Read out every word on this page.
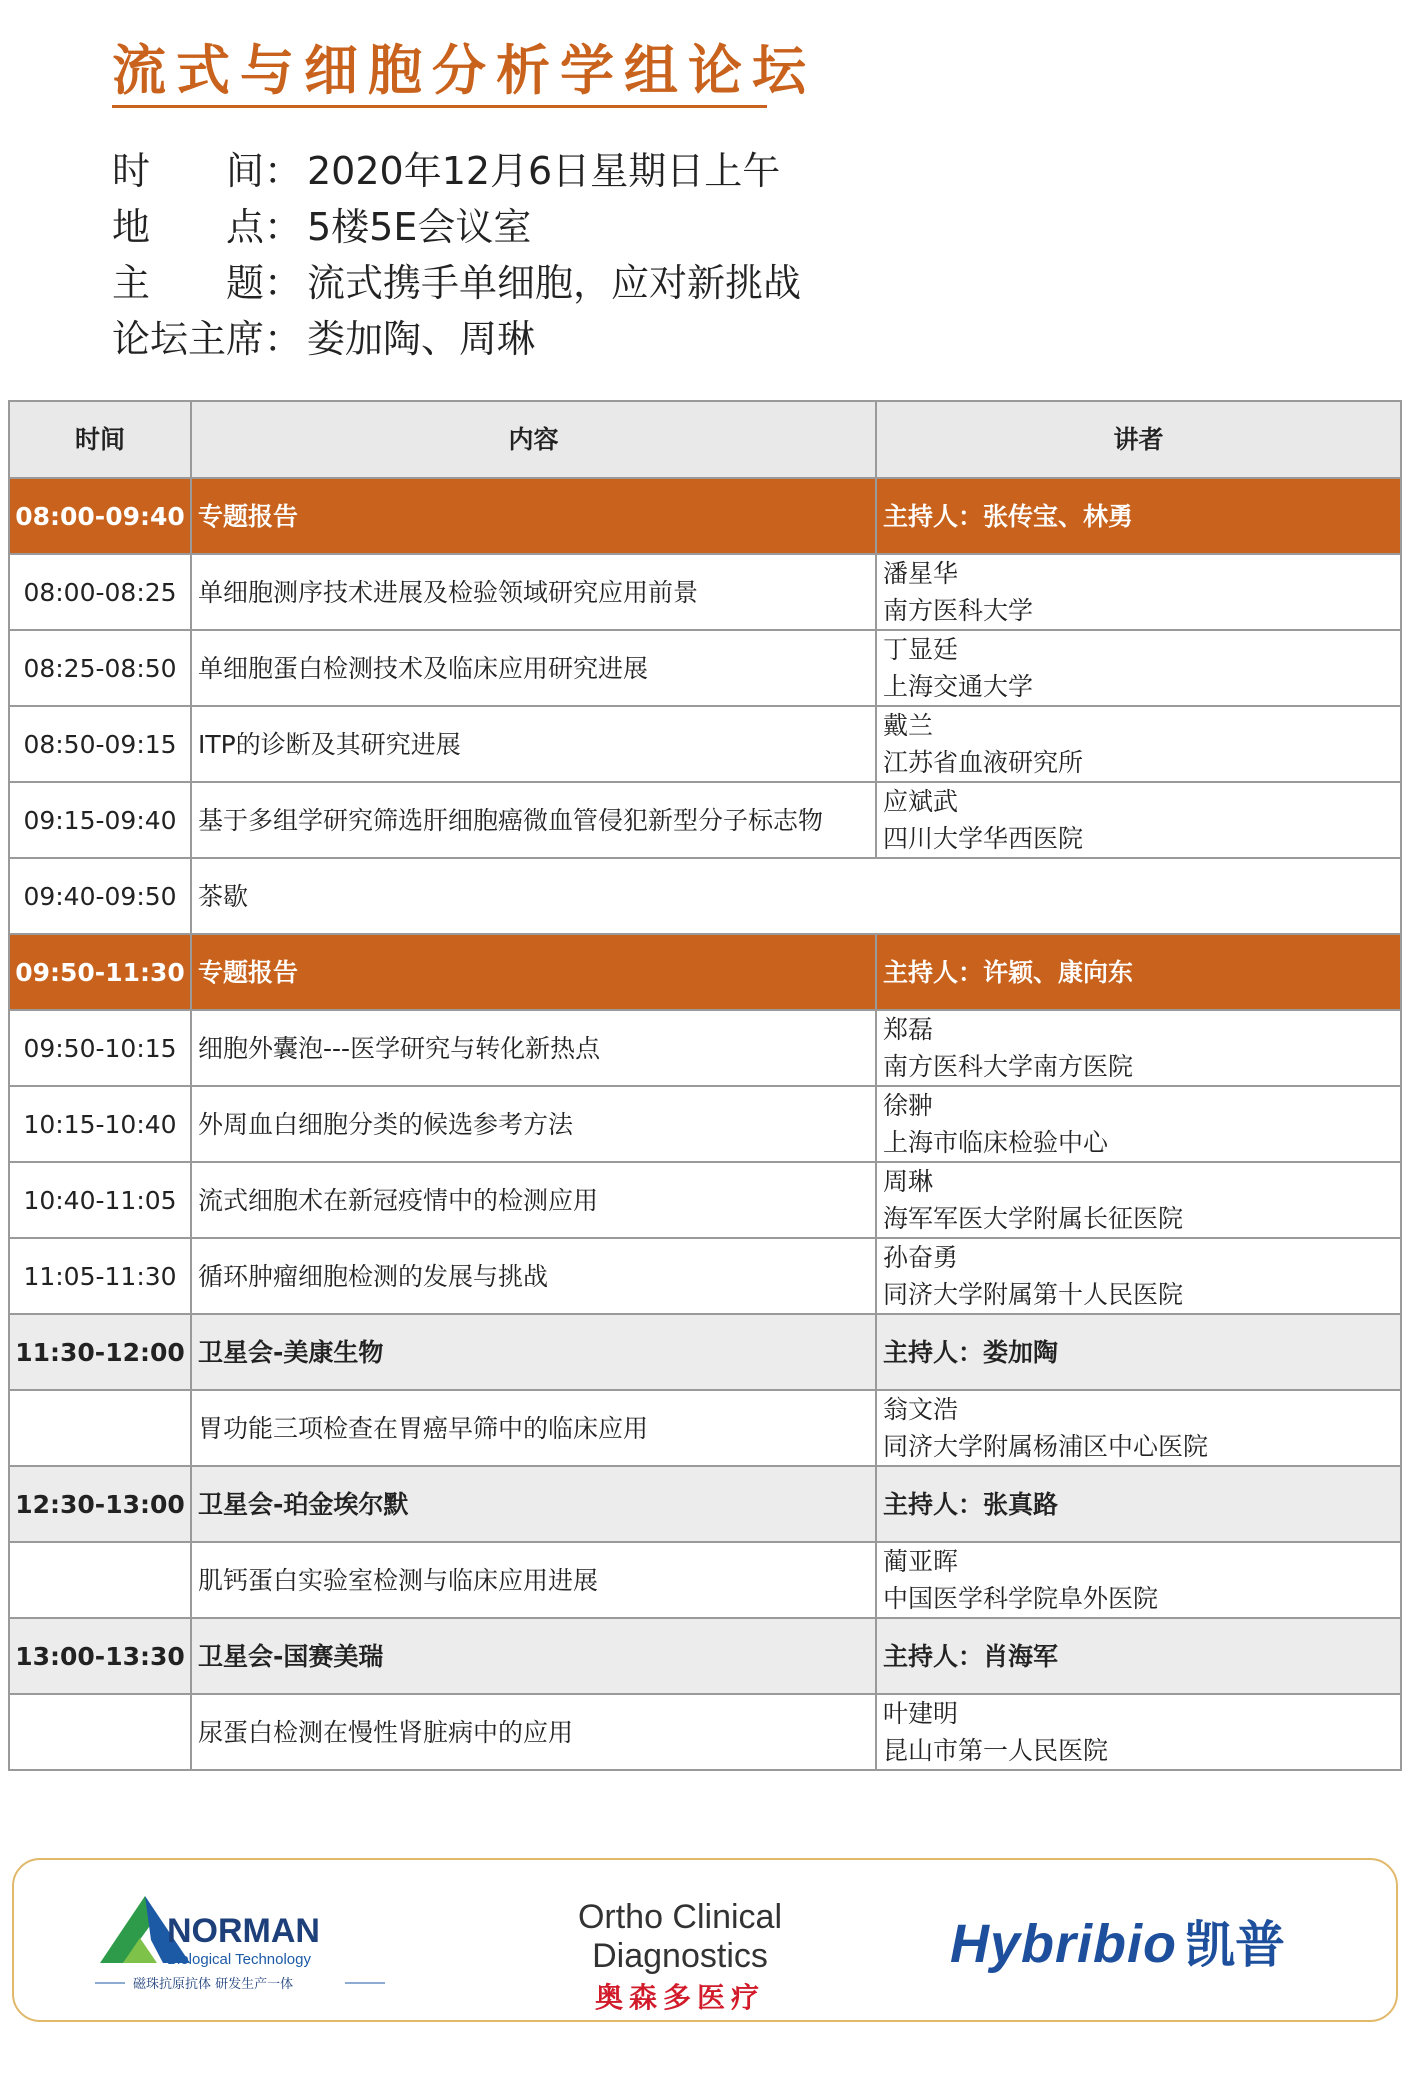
流式与细胞分析学组论坛
时　　间： 2020年12月6日星期日上午
地　　点： 5楼5E会议室
主　　题： 流式携手单细胞，应对新挑战
论坛主席： 娄加陶、周琳
时间	内容	讲者
08:00-09:40	专题报告	主持人：张传宝、林勇

08:00-08:25	单细胞测序技术进展及检验领域研究应用前景	潘星华
南方医科大学

08:25-08:50	单细胞蛋白检测技术及临床应用研究进展	丁显廷
上海交通大学

08:50-09:15	ITP的诊断及其研究进展	戴兰
江苏省血液研究所

09:15-09:40	基于多组学研究筛选肝细胞癌微血管侵犯新型分子标志物	应斌武
四川大学华西医院

09:40-09:50	茶歇	
09:50-11:30	专题报告	主持人：许颖、康向东

09:50-10:15	细胞外囊泡---医学研究与转化新热点	郑磊
南方医科大学南方医院

10:15-10:40	外周血白细胞分类的候选参考方法	徐翀
上海市临床检验中心

10:40-11:05	流式细胞术在新冠疫情中的检测应用	周琳
海军军医大学附属长征医院

11:05-11:30	循环肿瘤细胞检测的发展与挑战	孙奋勇
同济大学附属第十人民医院

11:30-12:00	卫星会-美康生物	主持人：娄加陶

	胃功能三项检查在胃癌早筛中的临床应用	翁文浩
同济大学附属杨浦区中心医院

12:30-13:00	卫星会-珀金埃尔默	主持人：张真路

	肌钙蛋白实验室检测与临床应用进展	蔺亚晖
中国医学科学院阜外医院

13:00-13:30	卫星会-国赛美瑞	主持人：肖海军

	尿蛋白检测在慢性肾脏病中的应用	叶建明
昆山市第一人民医院
NORMAN
Biological Technology
磁珠抗原抗体 研发生产一体
Ortho Clinical Diagnostics
奥森多医疗
Hybribio 凯普
